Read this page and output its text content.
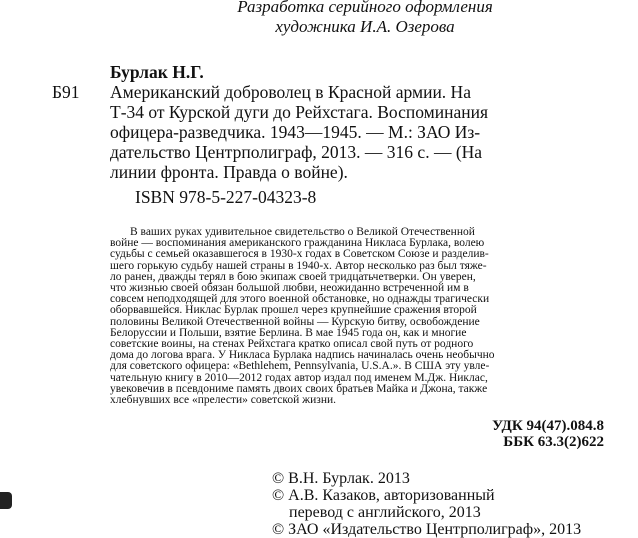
Разработка серийного оформления
художника И.А. Озерова
Бурлак Н.Г.
Б91 Американский доброволец в Красной армии. На
Т-34 от Курской дуги до Рейхстага. Воспоминания
офицера-разведчика. 1943—1945. — М.: ЗАО Из-
дательство Центрполиграф, 2013. — 316 с. — (На
линии фронта. Правда о войне).
ISBN 978-5-227-04323-8
В ваших руках удивительное свидетельство о Великой Отечественной
войне — воспоминания американского гражданина Никласа Бурлака, волею
судьбы с семьей оказавшегося в 1930-х годах в Советском Союзе и разделив-
шего горькую судьбу нашей страны в 1940-х. Автор несколько раз был тяже-
ло ранен, дважды терял в бою экипаж своей тридцатьчетверки. Он уверен,
что жизнью своей обязан большой любви, неожиданно встреченной им в
совсем неподходящей для этого военной обстановке, но однажды трагически
оборвавшейся. Никлас Бурлак прошел через крупнейшие сражения второй
половины Великой Отечественной войны — Курскую битву, освобождение
Белоруссии и Польши, взятие Берлина. В мае 1945 года он, как и многие
советские воины, на стенах Рейхстага кратко описал свой путь от родного
дома до логова врага. У Никласа Бурлака надпись начиналась очень необычно
для советского офицера: «Bethlehem, Pennsylvania, U.S.A.». В США эту увле-
чательную книгу в 2010—2012 годах автор издал под именем М.Дж. Никлас,
увековечив в псевдониме память двоих своих братьев Майка и Джона, также
хлебнувших все «прелести» советской жизни.
УДК 94(47).084.8
ББК 63.3(2)622
© В.Н. Бурлак. 2013
© А.В. Казаков, авторизованный
перевод с английского, 2013
© ЗАО «Издательство Центрполиграф», 2013
